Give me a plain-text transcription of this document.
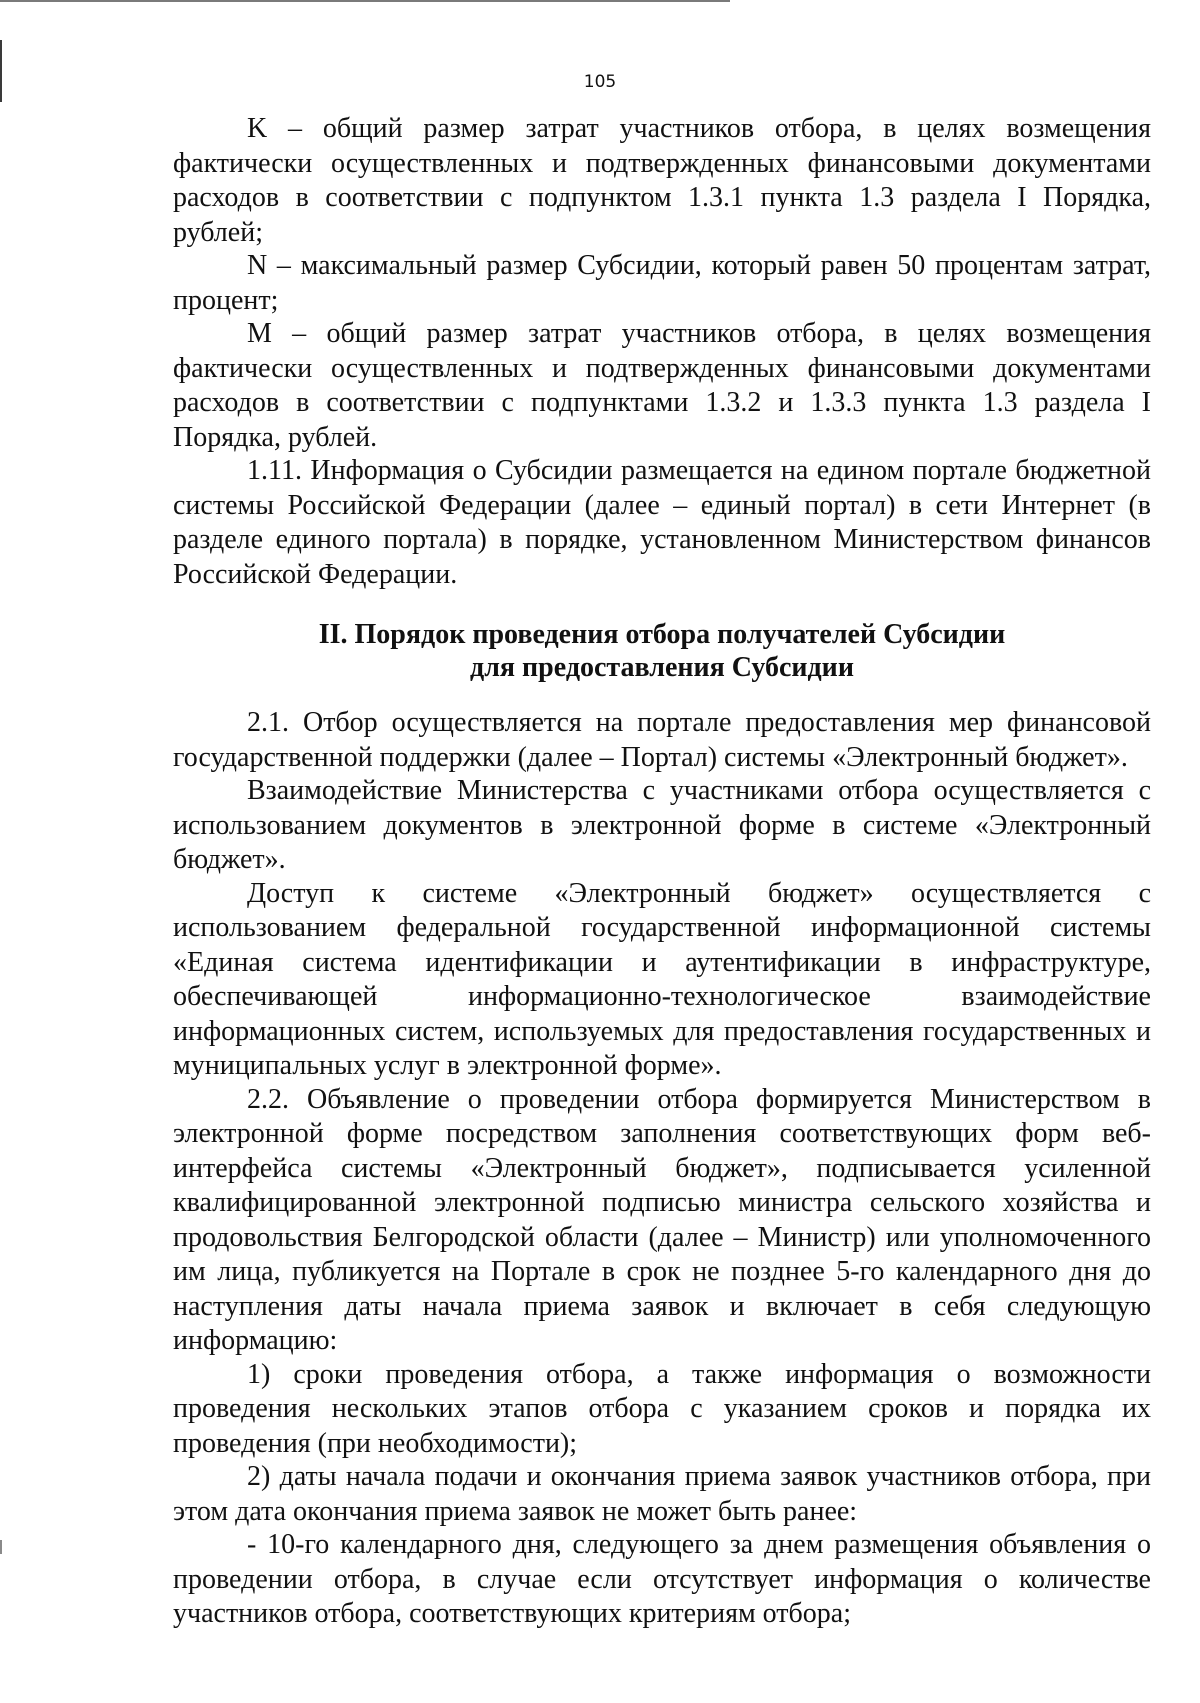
105

K – общий размер затрат участников отбора, в целях возмещения фактически осуществленных и подтвержденных финансовыми документами расходов в соответствии с подпунктом 1.3.1 пункта 1.3 раздела I Порядка, рублей;

N – максимальный размер Субсидии, который равен 50 процентам затрат, процент;

М – общий размер затрат участников отбора, в целях возмещения фактически осуществленных и подтвержденных финансовыми документами расходов в соответствии с подпунктами 1.3.2 и 1.3.3 пункта 1.3 раздела I Порядка, рублей.

1.11. Информация о Субсидии размещается на едином портале бюджетной системы Российской Федерации (далее – единый портал) в сети Интернет (в разделе единого портала) в порядке, установленном Министерством финансов Российской Федерации.

II. Порядок проведения отбора получателей Субсидии
для предоставления Субсидии

2.1. Отбор осуществляется на портале предоставления мер финансовой государственной поддержки (далее – Портал) системы «Электронный бюджет».

Взаимодействие Министерства с участниками отбора осуществляется с использованием документов в электронной форме в системе «Электронный бюджет».

Доступ к системе «Электронный бюджет» осуществляется с использованием федеральной государственной информационной системы «Единая система идентификации и аутентификации в инфраструктуре, обеспечивающей информационно-технологическое взаимодействие информационных систем, используемых для предоставления государственных и муниципальных услуг в электронной форме».

2.2. Объявление о проведении отбора формируется Министерством в электронной форме посредством заполнения соответствующих форм веб-интерфейса системы «Электронный бюджет», подписывается усиленной квалифицированной электронной подписью министра сельского хозяйства и продовольствия Белгородской области (далее – Министр) или уполномоченного им лица, публикуется на Портале в срок не позднее 5-го календарного дня до наступления даты начала приема заявок и включает в себя следующую информацию:

1) сроки проведения отбора, а также информация о возможности проведения нескольких этапов отбора с указанием сроков и порядка их проведения (при необходимости);

2) даты начала подачи и окончания приема заявок участников отбора, при этом дата окончания приема заявок не может быть ранее:

- 10-го календарного дня, следующего за днем размещения объявления о проведении отбора, в случае если отсутствует информация о количестве участников отбора, соответствующих критериям отбора;
